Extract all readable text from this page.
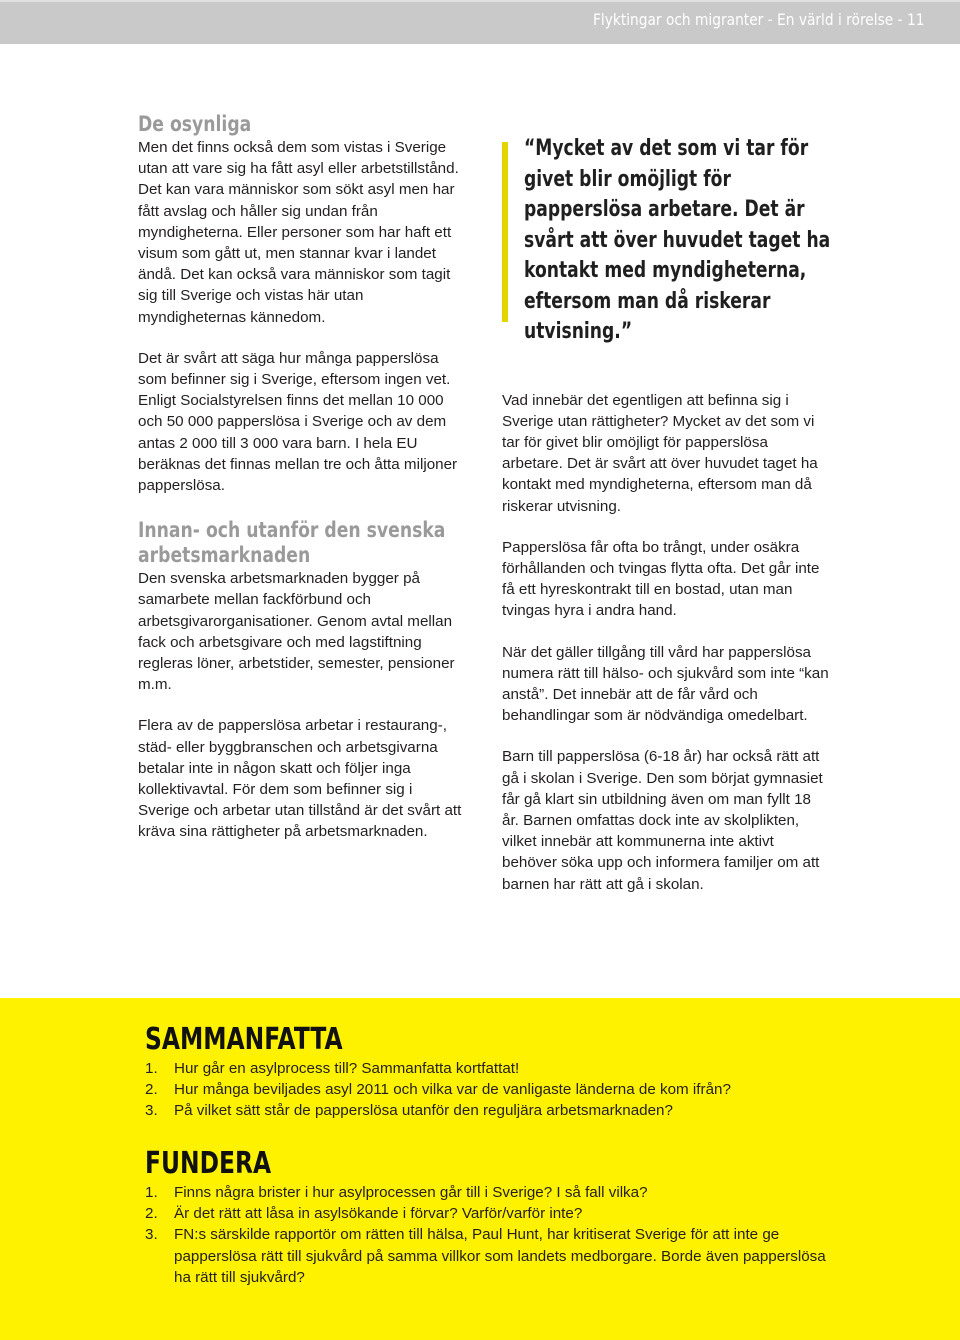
Flyktingar och migranter - En värld i rörelse - 11
De osynliga

Men det finns också dem som vistas i Sverige utan att vare sig ha fått asyl eller arbetstillstånd. Det kan vara människor som sökt asyl men har fått avslag och håller sig undan från myndigheterna. Eller personer som har haft ett visum som gått ut, men stannar kvar i landet ändå. Det kan också vara människor som tagit sig till Sverige och vistas här utan myndigheternas kännedom.

Det är svårt att säga hur många papperslösa som befinner sig i Sverige, eftersom ingen vet. Enligt Socialstyrelsen finns det mellan 10 000 och 50 000 papperslösa i Sverige och av dem antas 2 000 till 3 000 vara barn. I hela EU beräknas det finnas mellan tre och åtta miljoner papperslösa.

Innan- och utanför den svenska arbetsmarknaden

Den svenska arbetsmarknaden bygger på samarbete mellan fackförbund och arbetsgivarorganisationer. Genom avtal mellan fack och arbetsgivare och med lagstiftning regleras löner, arbetstider, semester, pensioner m.m.

Flera av de papperslösa arbetar i restaurang-, städ- eller byggbranschen och arbetsgivarna betalar inte in någon skatt och följer inga kollektivavtal. För dem som befinner sig i Sverige och arbetar utan tillstånd är det svårt att kräva sina rättigheter på arbetsmarknaden.

“Mycket av det som vi tar för givet blir omöjligt för papperslösa arbetare. Det är svårt att över huvudet taget ha kontakt med myndigheterna, eftersom man då riskerar utvisning.”

Vad innebär det egentligen att befinna sig i Sverige utan rättigheter? Mycket av det som vi tar för givet blir omöjligt för papperslösa arbetare. Det är svårt att över huvudet taget ha kontakt med myndigheterna, eftersom man då riskerar utvisning.

Papperslösa får ofta bo trångt, under osäkra förhållanden och tvingas flytta ofta. Det går inte få ett hyreskontrakt till en bostad, utan man tvingas hyra i andra hand.

När det gäller tillgång till vård har papperslösa numera rätt till hälso- och sjukvård som inte “kan anstå”. Det innebär att de får vård och behandlingar som är nödvändiga omedelbart.

Barn till papperslösa (6-18 år) har också rätt att gå i skolan i Sverige. Den som börjat gymnasiet får gå klart sin utbildning även om man fyllt 18 år. Barnen omfattas dock inte av skolplikten, vilket innebär att kommunerna inte aktivt behöver söka upp och informera familjer om att barnen har rätt att gå i skolan.

SAMMANFATTA
1.	Hur går en asylprocess till? Sammanfatta kortfattat!
2.	Hur många beviljades asyl 2011 och vilka var de vanligaste länderna de kom ifrån?
3.	På vilket sätt står de papperslösa utanför den reguljära arbetsmarknaden?
FUNDERA
1.	Finns några brister i hur asylprocessen går till i Sverige? I så fall vilka?
2.	Är det rätt att låsa in asylsökande i förvar? Varför/varför inte?
3.	FN:s särskilde rapportör om rätten till hälsa, Paul Hunt, har kritiserat Sverige för att inte ge papperslösa rätt till sjukvård på samma villkor som landets medborgare. Borde även papperslösa ha rätt till sjukvård?
